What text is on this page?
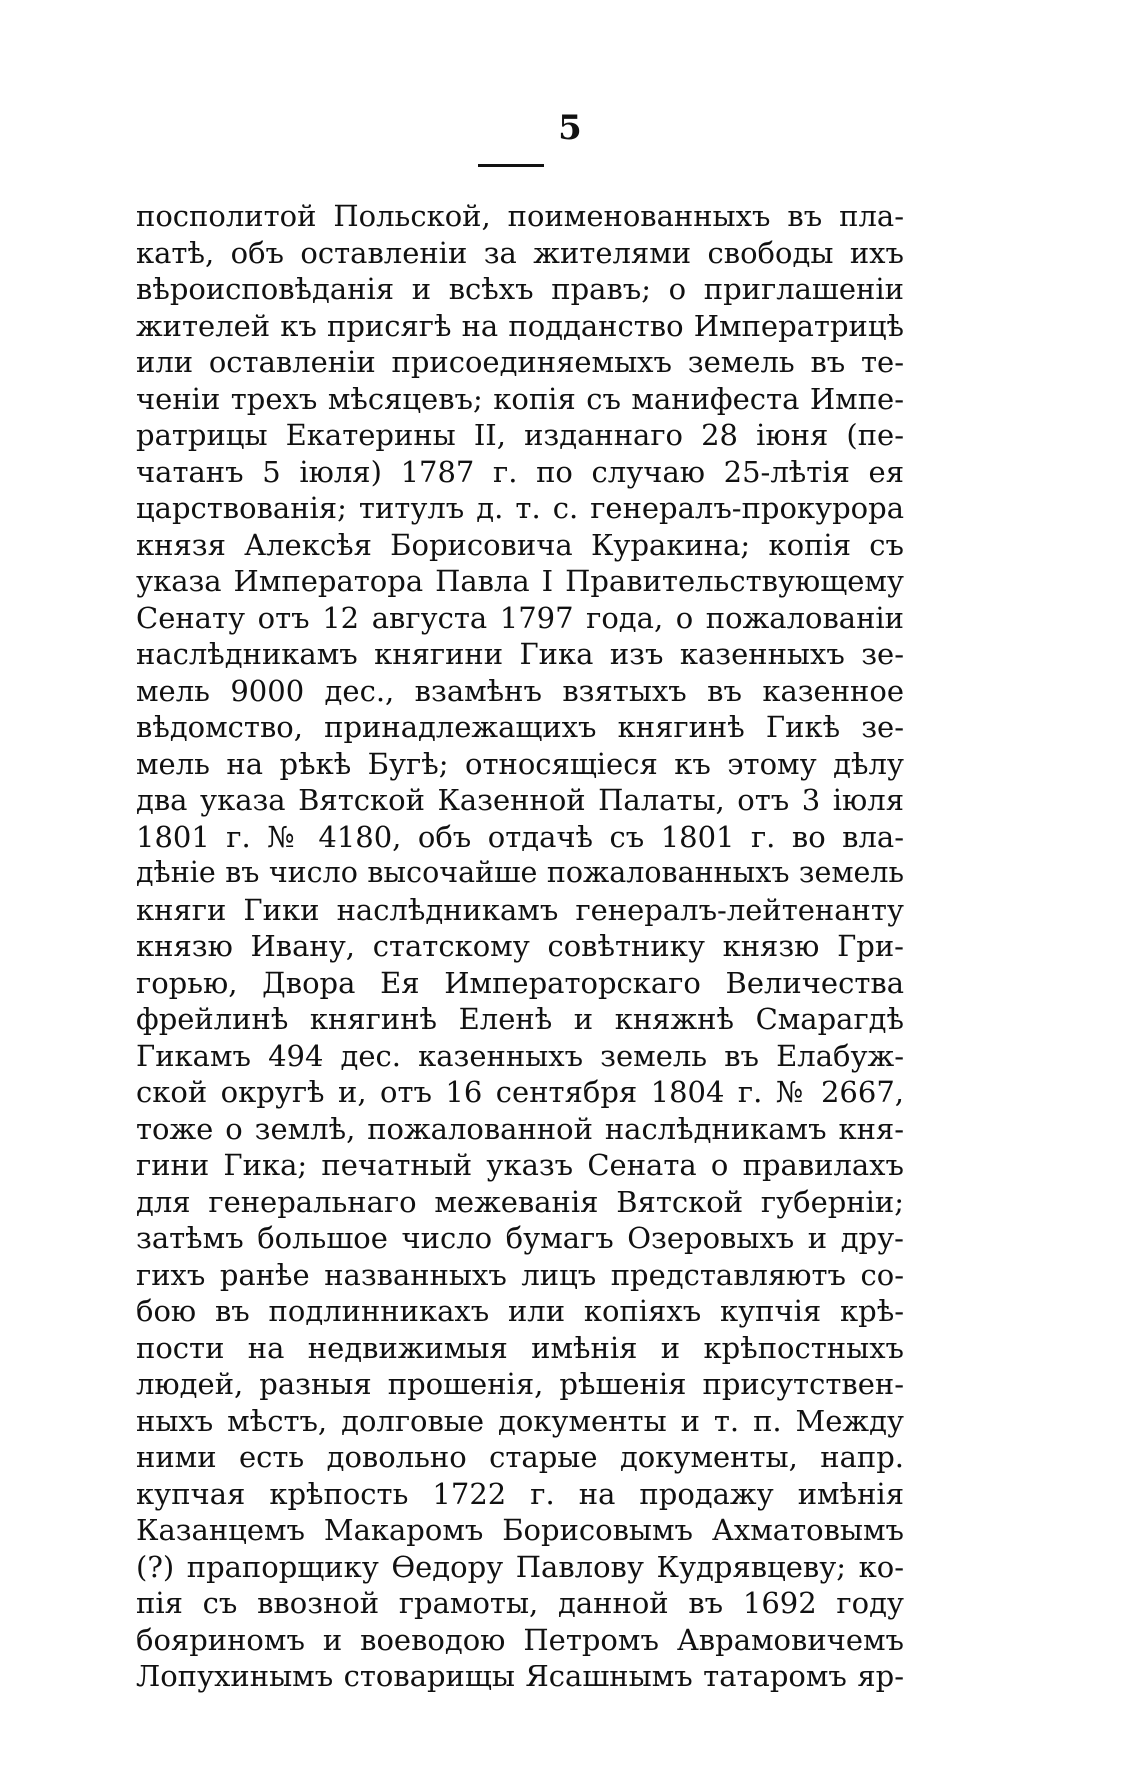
5
посполитой Польской, поименованныхъ въ пла-
катѣ, объ оставленіи за жителями свободы ихъ
вѣроисповѣданія и всѣхъ правъ; о приглашеніи
жителей къ присягѣ на подданство Императрицѣ
или оставленіи присоединяемыхъ земель въ те-
ченіи трехъ мѣсяцевъ; копія съ манифеста Импе-
ратрицы Екатерины II, изданнаго 28 іюня (пе-
чатанъ 5 іюля) 1787 г. по случаю 25-лѣтія ея
царствованія; титулъ д. т. с. генералъ-прокурора
князя Алексѣя Борисовича Куракина; копія съ
указа Императора Павла I Правительствующему
Сенату отъ 12 августа 1797 года, о пожалованіи
наслѣдникамъ княгини Гика изъ казенныхъ зе-
мель 9000 дес., взамѣнъ взятыхъ въ казенное
вѣдомство, принадлежащихъ княгинѣ Гикѣ зе-
мель на рѣкѣ Бугѣ; относящіеся къ этому дѣлу
два указа Вятской Казенной Палаты, отъ 3 іюля
1801 г. № 4180, объ отдачѣ съ 1801 г. во вла-
дѣніе въ число высочайше пожалованныхъ земель
княги Гики наслѣдникамъ генералъ-лейтенанту
князю Ивану, статскому совѣтнику князю Гри-
горью, Двора Ея Императорскаго Величества
фрейлинѣ княгинѣ Еленѣ и княжнѣ Смарагдѣ
Гикамъ 494 дес. казенныхъ земель въ Елабуж-
ской округѣ и, отъ 16 сентября 1804 г. № 2667,
тоже о землѣ, пожалованной наслѣдникамъ кня-
гини Гика; печатный указъ Сената о правилахъ
для генеральнаго межеванія Вятской губерніи;
затѣмъ большое число бумагъ Озеровыхъ и дру-
гихъ ранѣе названныхъ лицъ представляютъ со-
бою въ подлинникахъ или копіяхъ купчія крѣ-
пости на недвижимыя имѣнія и крѣпостныхъ
людей, разныя прошенія, рѣшенія присутствен-
ныхъ мѣстъ, долговые документы и т. п. Между
ними есть довольно старые документы, напр.
купчая крѣпость 1722 г. на продажу имѣнія
Казанцемъ Макаромъ Борисовымъ Ахматовымъ
(?) прапорщику Өедору Павлову Кудрявцеву; ко-
пія съ ввозной грамоты, данной въ 1692 году
бояриномъ и воеводою Петромъ Аврамовичемъ
Лопухинымъ стоварищы Ясашнымъ татаромъ яр-
